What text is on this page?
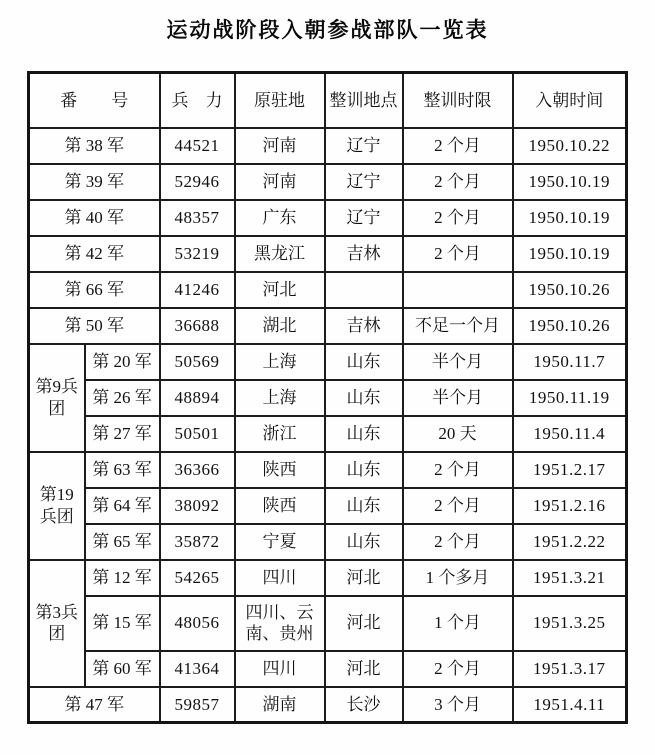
运动战阶段入朝参战部队一览表
番　　号		兵　力	原驻地	整训地点	整训时限	入朝时间
第 38 军		44521	河南	辽宁	2 个月	1950.10.22
第 39 军		52946	河南	辽宁	2 个月	1950.10.19
第 40 军		48357	广东	辽宁	2 个月	1950.10.19
第 42 军		53219	黑龙江	吉林	2 个月	1950.10.19
第 66 军		41246	河北			1950.10.26
第 50 军		36688	湖北	吉林	不足一个月	1950.10.26
第9兵团	第 20 军	50569	上海	山东	半个月	1950.11.7
	第 26 军	48894	上海	山东	半个月	1950.11.19
	第 27 军	50501	浙江	山东	20 天	1950.11.4
第19兵团	第 63 军	36366	陕西	山东	2 个月	1951.2.17
	第 64 军	38092	陕西	山东	2 个月	1951.2.16
	第 65 军	35872	宁夏	山东	2 个月	1951.2.22
第3兵团	第 12 军	54265	四川	河北	1 个多月	1951.3.21
	第 15 军	48056	四川、云南、贵州	河北	1 个月	1951.3.25
	第 60 军	41364	四川	河北	2 个月	1951.3.17
第 47 军		59857	湖南	长沙	3 个月	1951.4.11
